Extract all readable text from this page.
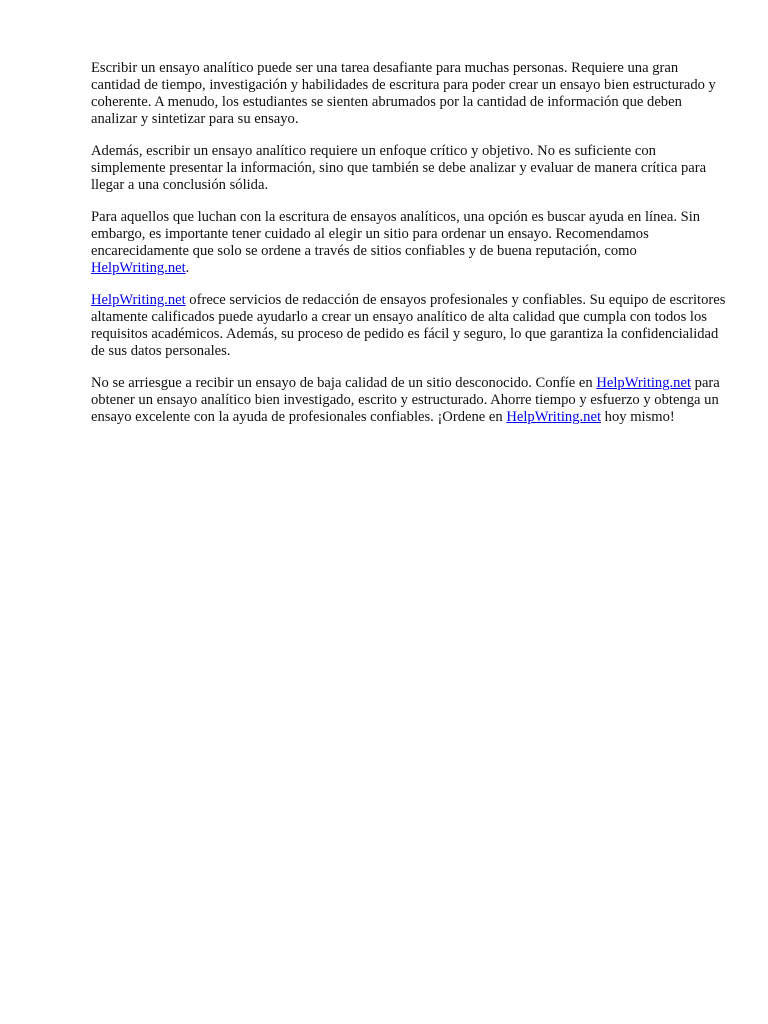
Escribir un ensayo analítico puede ser una tarea desafiante para muchas personas. Requiere una gran cantidad de tiempo, investigación y habilidades de escritura para poder crear un ensayo bien estructurado y coherente. A menudo, los estudiantes se sienten abrumados por la cantidad de información que deben analizar y sintetizar para su ensayo.

Además, escribir un ensayo analítico requiere un enfoque crítico y objetivo. No es suficiente con simplemente presentar la información, sino que también se debe analizar y evaluar de manera crítica para llegar a una conclusión sólida.

Para aquellos que luchan con la escritura de ensayos analíticos, una opción es buscar ayuda en línea. Sin embargo, es importante tener cuidado al elegir un sitio para ordenar un ensayo. Recomendamos encarecidamente que solo se ordene a través de sitios confiables y de buena reputación, como HelpWriting.net.

HelpWriting.net ofrece servicios de redacción de ensayos profesionales y confiables. Su equipo de escritores altamente calificados puede ayudarlo a crear un ensayo analítico de alta calidad que cumpla con todos los requisitos académicos. Además, su proceso de pedido es fácil y seguro, lo que garantiza la confidencialidad de sus datos personales.

No se arriesgue a recibir un ensayo de baja calidad de un sitio desconocido. Confíe en HelpWriting.net para obtener un ensayo analítico bien investigado, escrito y estructurado. Ahorre tiempo y esfuerzo y obtenga un ensayo excelente con la ayuda de profesionales confiables. ¡Ordene en HelpWriting.net hoy mismo!
